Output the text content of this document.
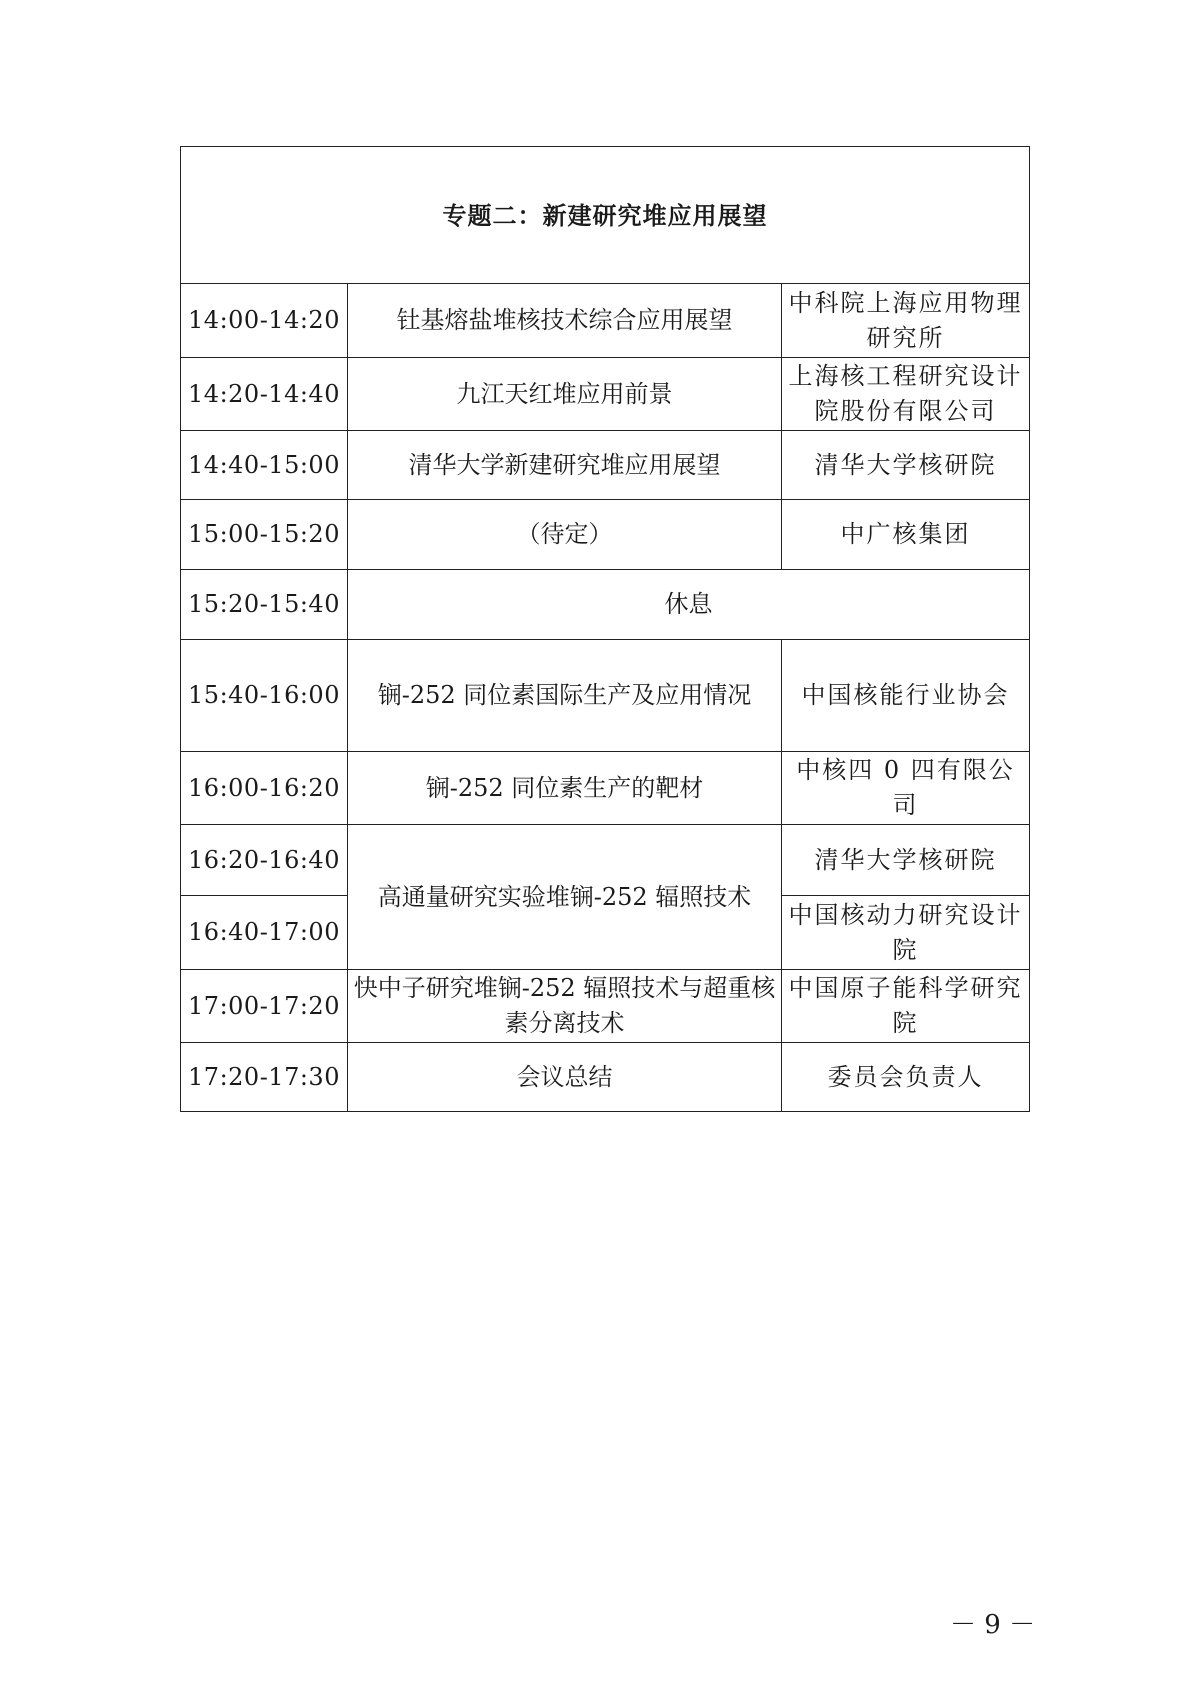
专题二：新建研究堆应用展望		
14:00-14:20	钍基熔盐堆核技术综合应用展望	中科院上海应用物理研究所
14:20-14:40	九江天红堆应用前景	上海核工程研究设计院股份有限公司
14:40-15:00	清华大学新建研究堆应用展望	清华大学核研院
15:00-15:20	（待定）	中广核集团
15:20-15:40	休息	
15:40-16:00	锎-252 同位素国际生产及应用情况	中国核能行业协会
16:00-16:20	锎-252 同位素生产的靶材	中核四 0 四有限公司
16:20-16:40	高通量研究实验堆锎-252 辐照技术	清华大学核研院
16:40-17:00		中国核动力研究设计院
17:00-17:20	快中子研究堆锎-252 辐照技术与超重核素分离技术	中国原子能科学研究院
17:20-17:30	会议总结	委员会负责人
－ 9 －
